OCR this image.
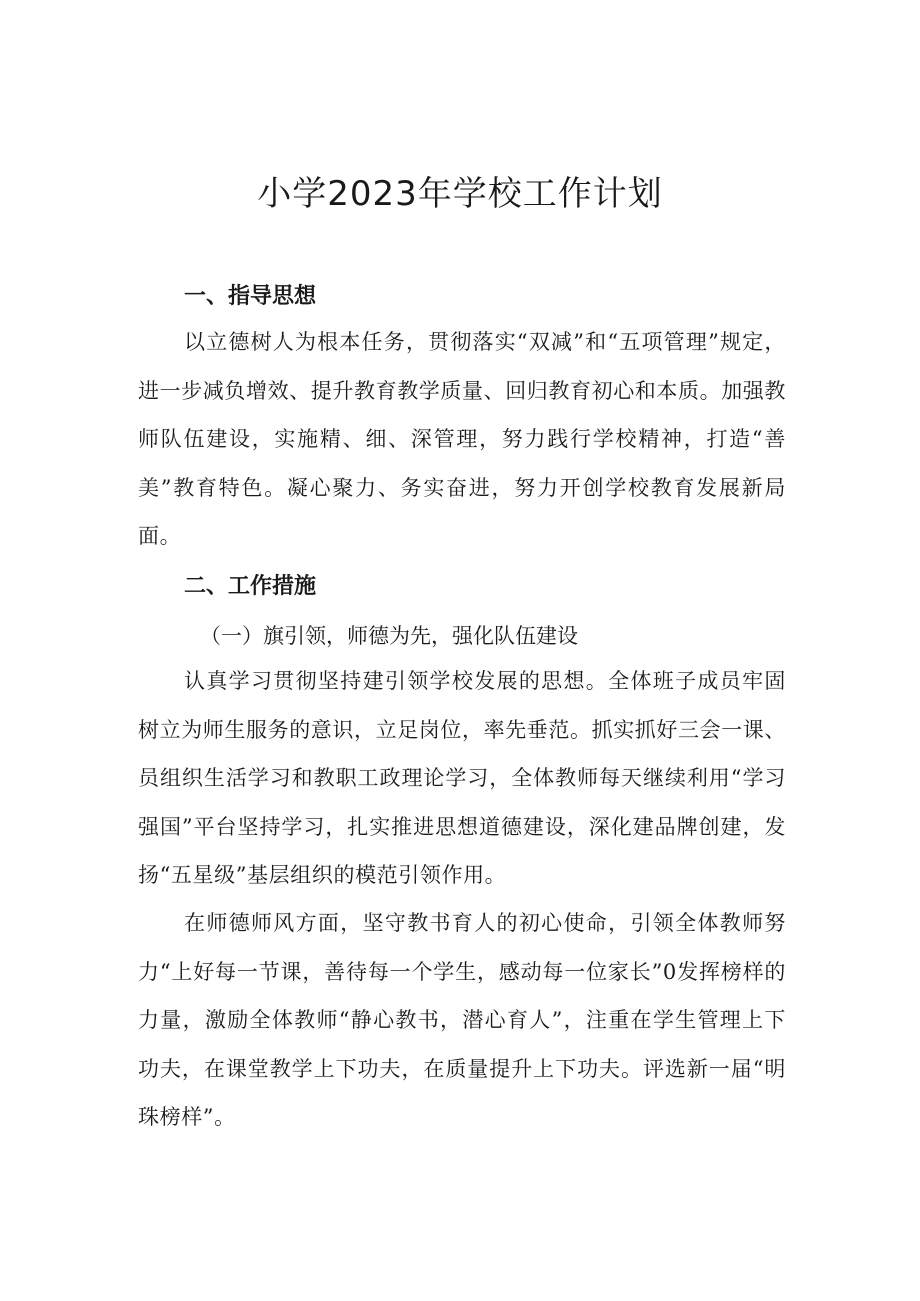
小学2023年学校工作计划
一、指导思想

以立德树人为根本任务，贯彻落实“双减”和“五项管理”规定，进一步减负增效、提升教育教学质量、回归教育初心和本质。加强教师队伍建设，实施精、细、深管理，努力践行学校精神，打造“善美”教育特色。凝心聚力、务实奋进，努力开创学校教育发展新局面。

二、工作措施
（一）旗引领，师德为先，强化队伍建设

认真学习贯彻坚持建引领学校发展的思想。全体班子成员牢固树立为师生服务的意识，立足岗位，率先垂范。抓实抓好三会一课、员组织生活学习和教职工政理论学习，全体教师每天继续利用“学习强国”平台坚持学习，扎实推进思想道德建设，深化建品牌创建，发扬“五星级”基层组织的模范引领作用。

在师德师风方面，坚守教书育人的初心使命，引领全体教师努力“上好每一节课，善待每一个学生，感动每一位家长”0发挥榜样的力量，激励全体教师“静心教书，潜心育人”，注重在学生管理上下功夫，在课堂教学上下功夫，在质量提升上下功夫。评选新一届“明珠榜样”。
